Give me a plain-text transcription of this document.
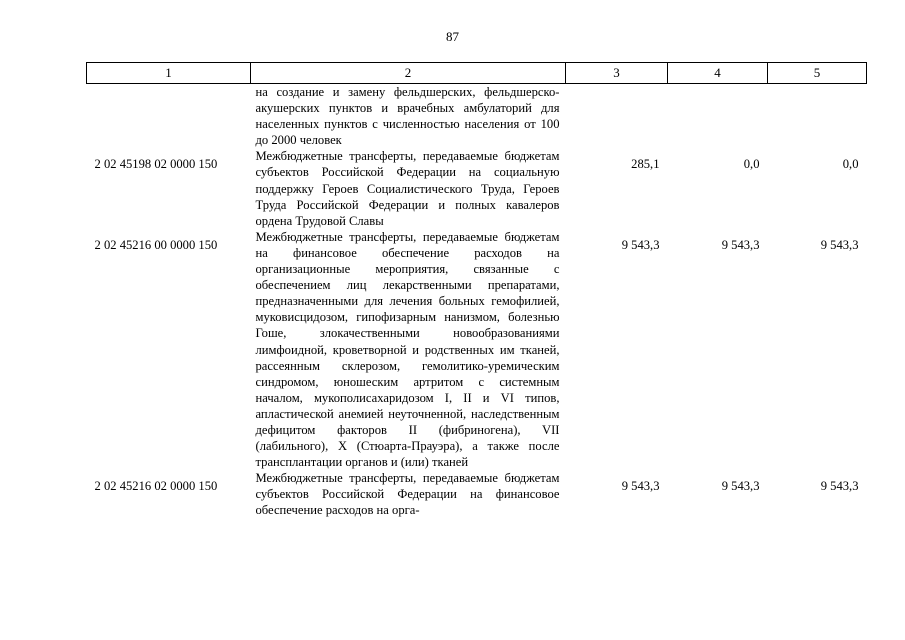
87
1	2	3	4	5
	на создание и замену фельдшерских, фельдшерско-акушерских пунктов и врачебных амбулаторий для населенных пунктов с численностью населения от 100 до 2000 человек			
2 02 45198 02 0000 150	Межбюджетные трансферты, передаваемые бюджетам субъектов Российской Федерации на социальную поддержку Героев Социалистического Труда, Героев Труда Российской Федерации и полных кавалеров ордена Трудовой Славы	285,1	0,0	0,0
2 02 45216 00 0000 150	Межбюджетные трансферты, передаваемые бюджетам на финансовое обеспечение расходов на организационные мероприятия, связанные с обеспечением лиц лекарственными препаратами, предназначенными для лечения больных гемофилией, муковисцидозом, гипофизарным нанизмом, болезнью Гоше, злокачественными новообразованиями лимфоидной, кроветворной и родственных им тканей, рассеянным склерозом, гемолитико-уремическим синдромом, юношеским артритом с системным началом, мукополисахаридозом I, II и VI типов, апластической анемией неуточненной, наследственным дефицитом факторов II (фибриногена), VII (лабильного), X (Стюарта-Прауэра), а также после трансплантации органов и (или) тканей	9 543,3	9 543,3	9 543,3
2 02 45216 02 0000 150	Межбюджетные трансферты, передаваемые бюджетам субъектов Российской Федерации на финансовое обеспечение расходов на орга-	9 543,3	9 543,3	9 543,3
